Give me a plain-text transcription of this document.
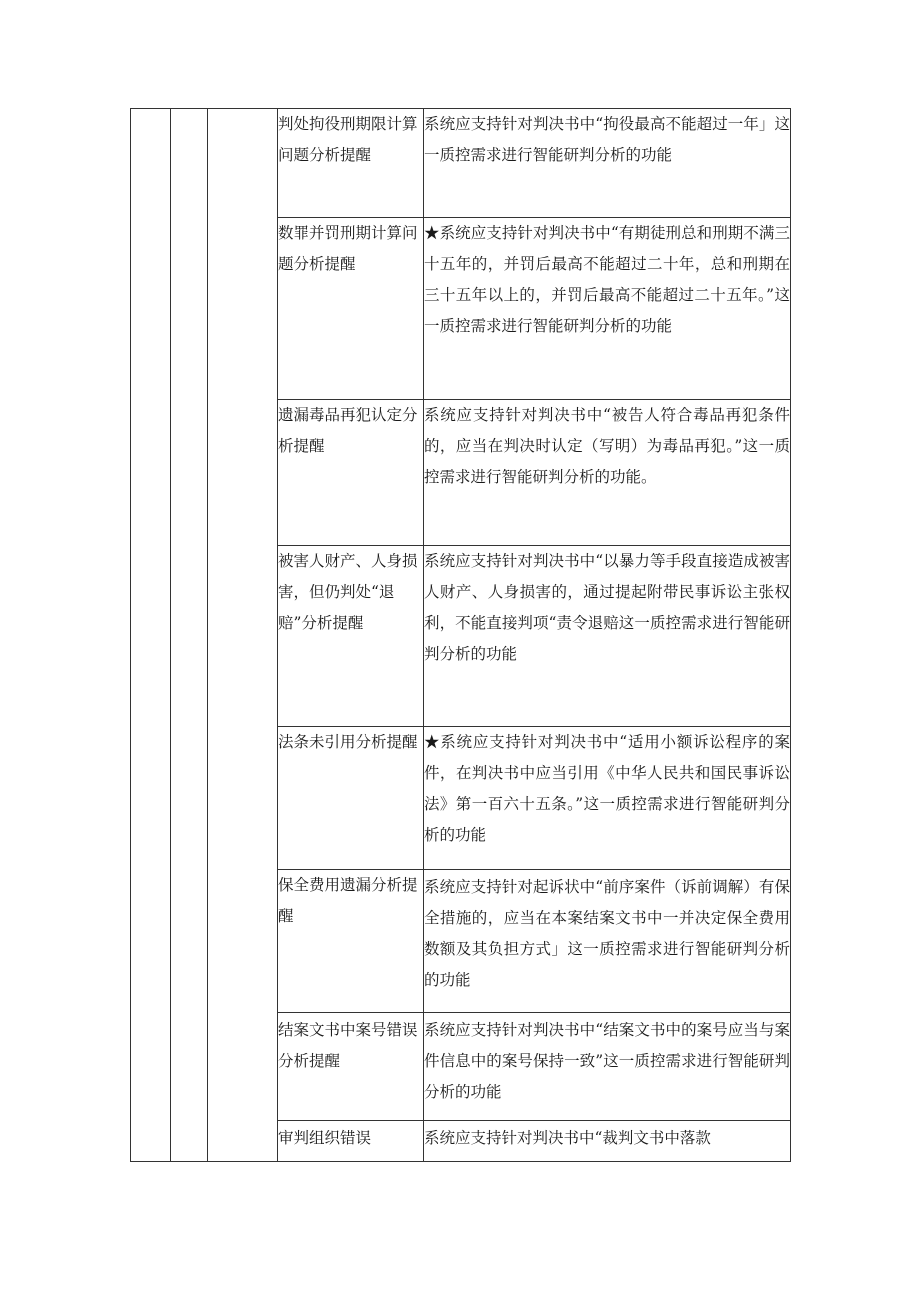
			判处拘役刑期限计算问题分析提醒	系统应支持针对判决书中“拘役最高不能超过一年」这一质控需求进行智能研判分析的功能
			数罪并罚刑期计算问题分析提醒	★系统应支持针对判决书中“有期徒刑总和刑期不满三十五年的，并罚后最高不能超过二十年，总和刑期在三十五年以上的，并罚后最高不能超过二十五年。”这一质控需求进行智能研判分析的功能
			遗漏毒品再犯认定分析提醒	系统应支持针对判决书中“被告人符合毒品再犯条件的，应当在判决时认定（写明）为毒品再犯。”这一质控需求进行智能研判分析的功能。
			被害人财产、人身损害，但仍判处“退赔”分析提醒	系统应支持针对判决书中“以暴力等手段直接造成被害人财产、人身损害的，通过提起附带民事诉讼主张权利，不能直接判项“责令退赔这一质控需求进行智能研判分析的功能
			法条未引用分析提醒	★系统应支持针对判决书中“适用小额诉讼程序的案件，在判决书中应当引用《中华人民共和国民事诉讼法》第一百六十五条。”这一质控需求进行智能研判分析的功能
			保全费用遗漏分析提醒	系统应支持针对起诉状中“前序案件（诉前调解）有保全措施的，应当在本案结案文书中一并决定保全费用数额及其负担方式」这一质控需求进行智能研判分析的功能
			结案文书中案号错误分析提醒	系统应支持针对判决书中“结案文书中的案号应当与案件信息中的案号保持一致”这一质控需求进行智能研判分析的功能
			审判组织错误	系统应支持针对判决书中“裁判文书中落款
